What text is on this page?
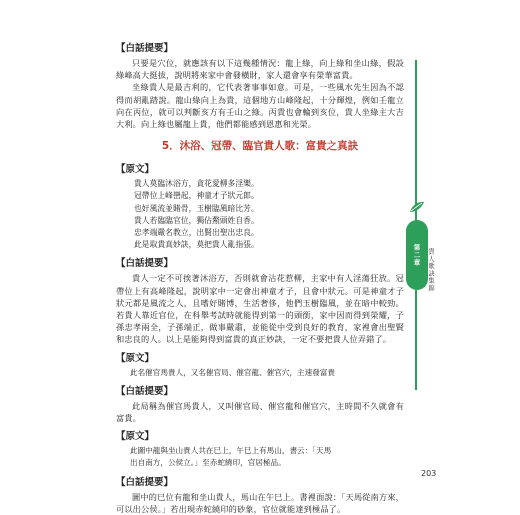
【白話提要】

只要是穴位，就應該有以下這幾種情況：龍上綠，向上綠和坐山綠，假設綠峰高大挺拔，說明將來家中會發橫財，家人還會享有榮華富貴。

坐綠貴人是最吉利的，它代表著事事如意。可是，一些風水先生因為不認得而胡亂踏說。龍山綠向上為貴，這個地方山峰隆起，十分輝煌，例如壬龍立向在丙位，就可以判斷亥方有壬山之綠。丙貴也會輪到亥位，貴人坐綠主大吉大利。向上綠也屬龍上貴，他們都能感到恩惠和光榮。

5．沐浴、冠帶、臨官貴人歌：富貴之真訣
【原文】
貴人莫臨沐浴方，貪花愛柳多淫樂。
冠帶位上峰巒起，神童才子狀元郎。
也好風流並賭骨，玉樹臨風暗比芳。
貴人若臨臨官位，獨佔鰲頭姓自香。
忠孝端嚴名教立，出賢出聖出忠良。
此是取貴真妙訣，莫把貴人亂指張。
【白話提要】

貴人一定不可挨著沐浴方，否則就會沾花惹柳，主家中有人淫蕩狂放。冠帶位上有高峰隆起，說明家中一定會出神童才子，且會中狀元。可是神童才子狀元都是風流之人，且嗜好賭博，生活奢侈，他們玉樹臨風，並在暗中較勁。若貴人靠近官位，在科舉考試時就能得到第一的頭銜，家中因而得到榮耀，子孫忠孝兩全，子孫端正，做事嚴肅，並能從中受到良好的教育，家裡會出聖賢和忠良的人。以上是能夠得到富貴的真正妙訣，一定不要把貴人位弄錯了。

【原文】
此名催官馬貴人，又名催官局、催官龍、催官穴，主速發富貴
【白話提要】

此局稱為催官馬貴人，又叫催官局、催官龍和催官穴，主時間不久就會有富貴。

【原文】
此圖中龍與坐山貴人共在巳上，午巳上有馬山，書云：「天馬
出自南方，公侯立。」至赤蛇繞印，官居極品。
【白話提要】

圖中的巳位有龍和坐山貴人，馬山在午巳上。書裡面說：「天馬從南方來，可以出公侯。」若出現赤蛇繞印的砂象，官位就能達到極品了。

第二章	貴人歌訣集錦
203
